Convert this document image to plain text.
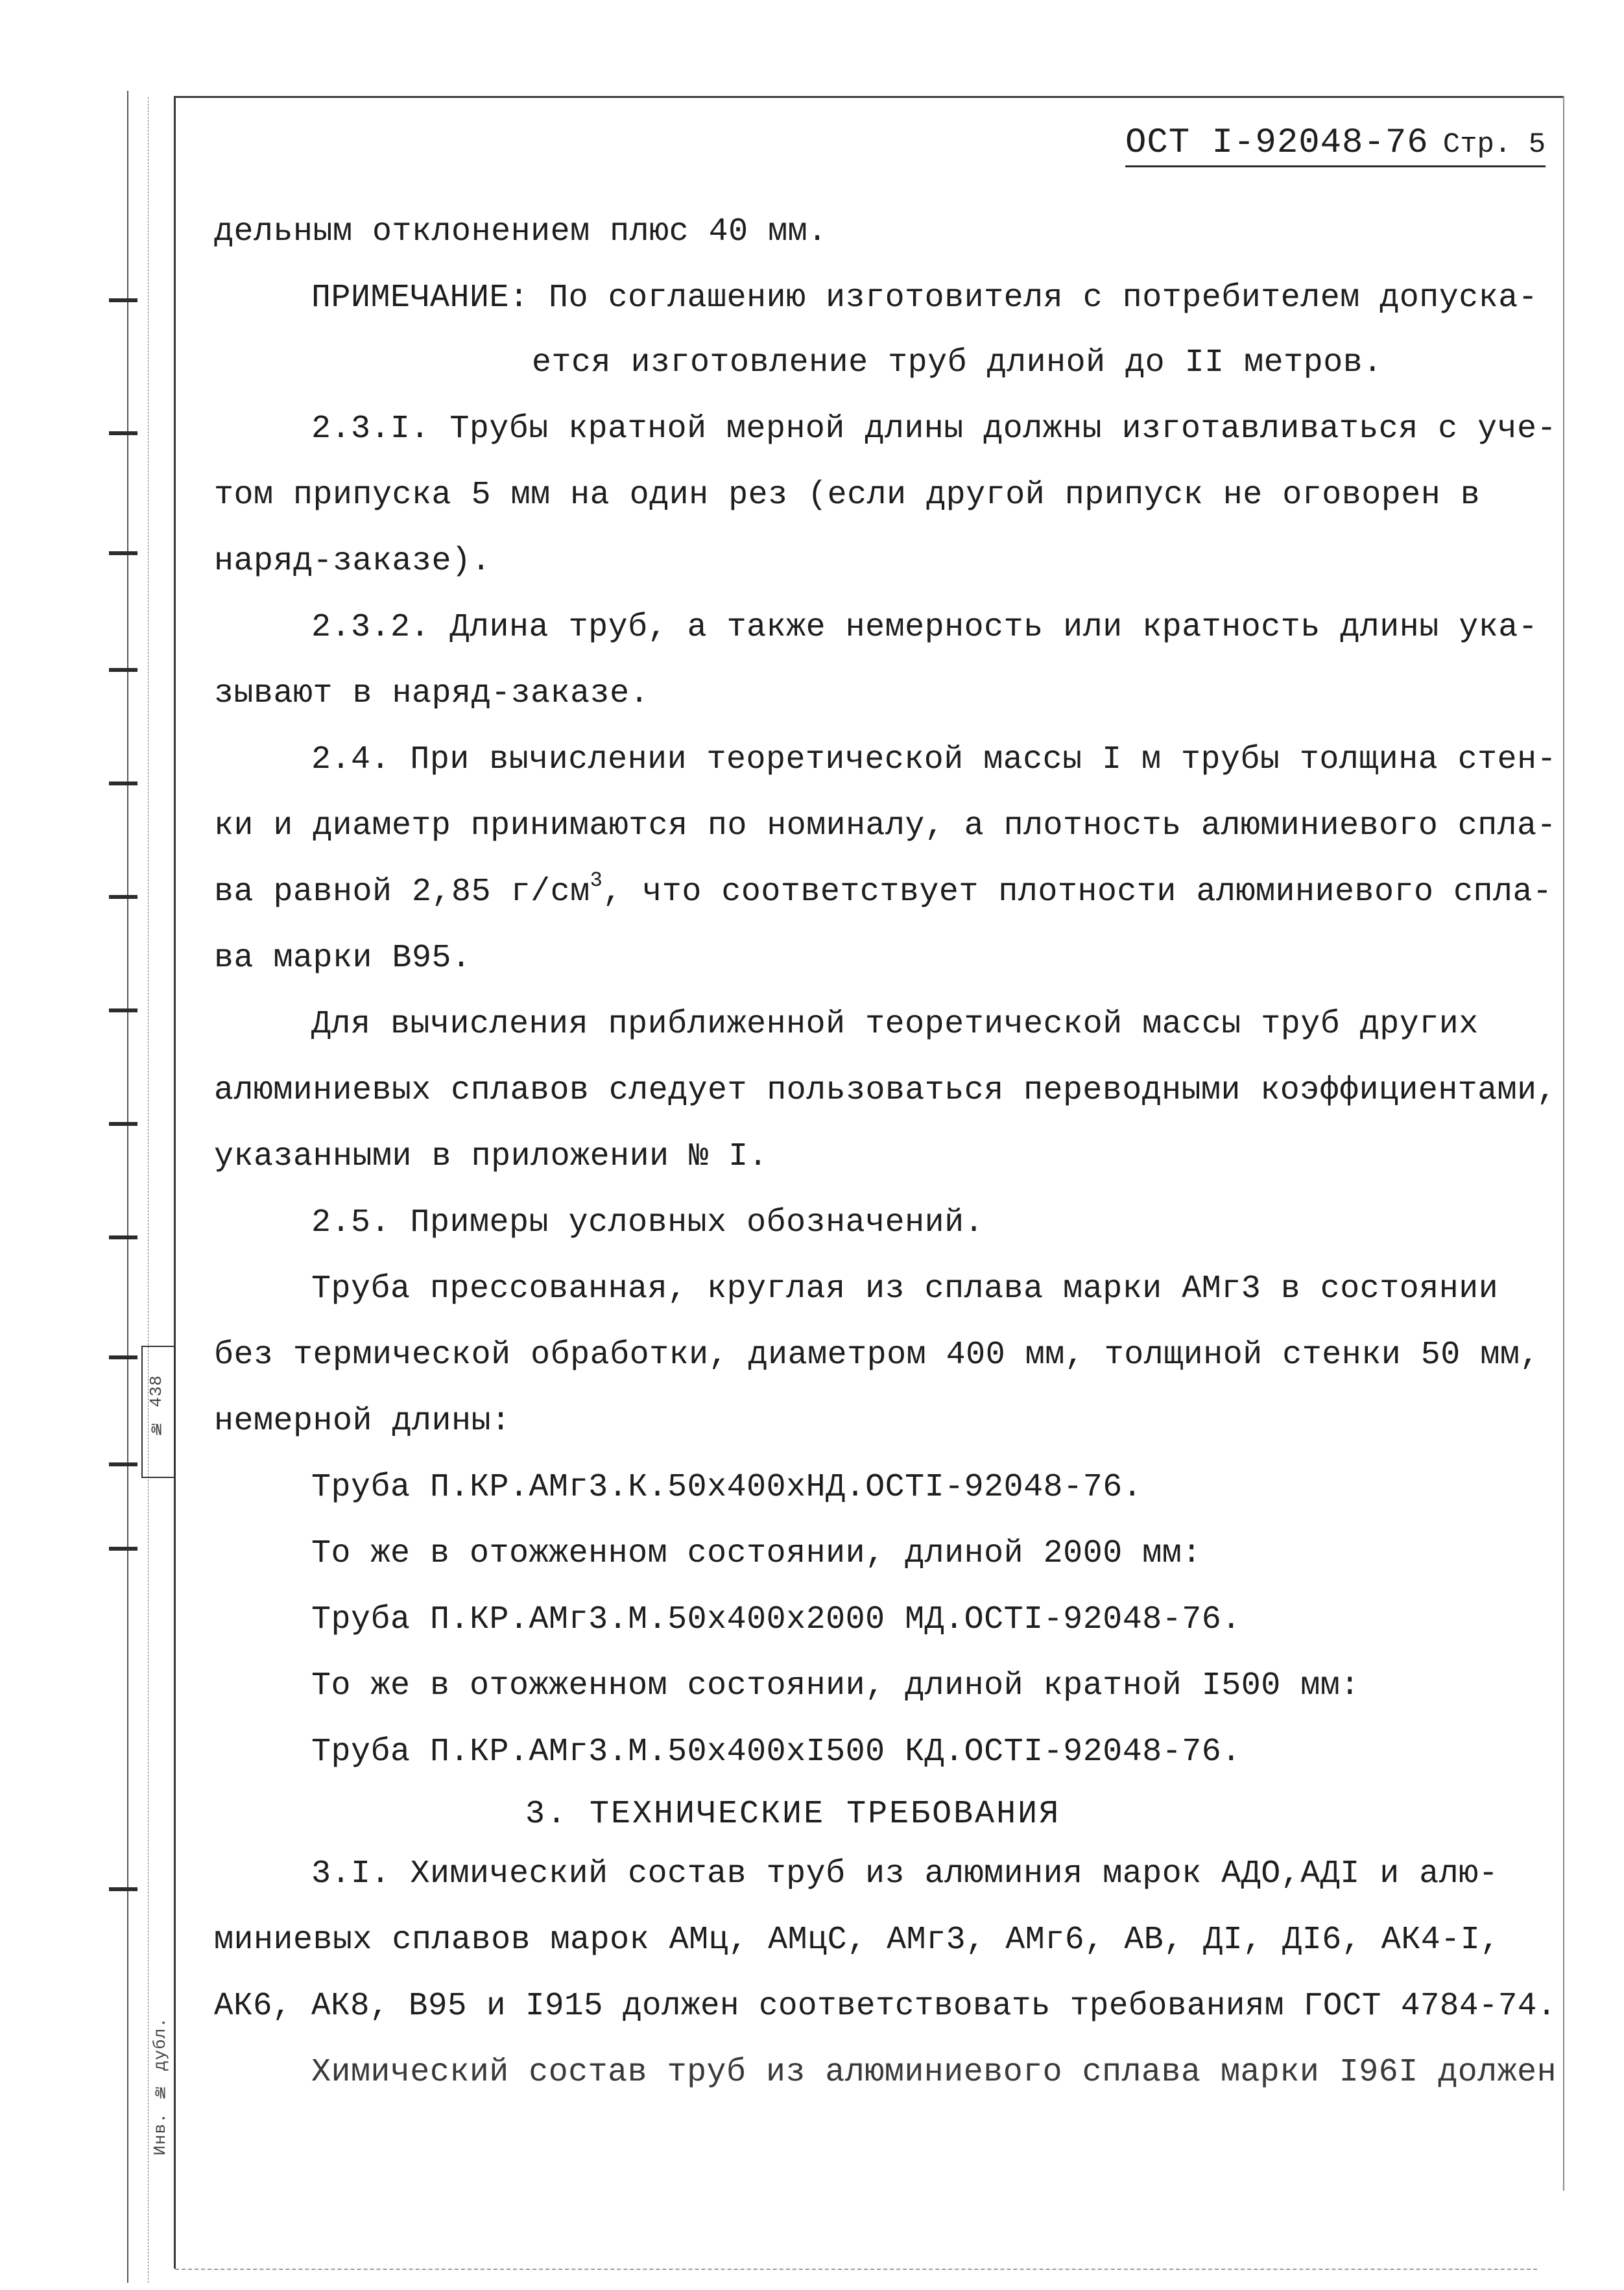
№ 438
Инв. № дубл.
ОСТ I-92048-76 Стр. 5
дельным отклонением плюс 40 мм.
ПРИМЕЧАНИЕ: По соглашению изготовителя с потребителем допуска-
ется изготовление труб длиной до II метров.
2.3.I. Трубы кратной мерной длины должны изготавливаться с уче-
том припуска 5 мм на один рез (если другой припуск не оговорен в
наряд-заказе).
2.3.2. Длина труб, а также немерность или кратность длины ука-
зывают в наряд-заказе.
2.4. При вычислении теоретической массы I м трубы толщина стен-
ки и диаметр принимаются по номиналу, а плотность алюминиевого спла-
ва равной 2,85 $г/см^3$, что соответствует плотности алюминиевого спла-
ва марки В95.
Для вычисления приближенной теоретической массы труб других
алюминиевых сплавов следует пользоваться переводными коэффициентами,
указанными в приложении № I.
2.5. Примеры условных обозначений.
Труба прессованная, круглая из сплава марки АМг3 в состоянии
без термической обработки, диаметром 400 мм, толщиной стенки 50 мм,
немерной длины:
Труба П.КР.АМг3.К.50х400хНД.ОСТI-92048-76.
То же в отожженном состоянии, длиной 2000 мм:
Труба П.КР.АМг3.М.50х400х2000 МД.ОСТI-92048-76.
То же в отожженном состоянии, длиной кратной I500 мм:
Труба П.КР.АМг3.М.50х400хI500 КД.ОСТI-92048-76.
3. ТЕХНИЧЕСКИЕ ТРЕБОВАНИЯ
3.I. Химический состав труб из алюминия марок АДО,АДI и алю-
миниевых сплавов марок АМц, АМцС, АМг3, АМг6, АВ, ДI, ДI6, АК4-I,
АК6, АК8, В95 и I915 должен соответствовать требованиям ГОСТ 4784-74.
Химический состав труб из алюминиевого сплава марки I96I должен
